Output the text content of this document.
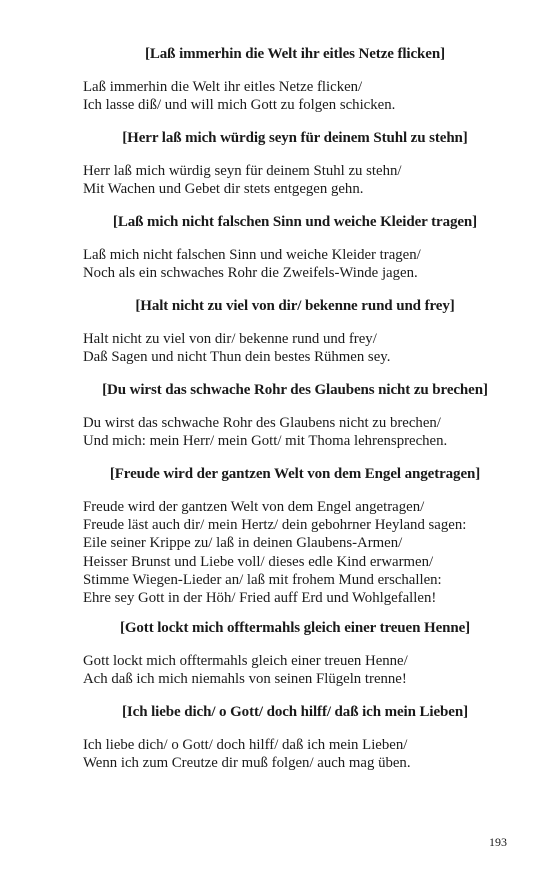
[Laß immerhin die Welt ihr eitles Netze flicken]
Laß immerhin die Welt ihr eitles Netze flicken/
Ich lasse diß/ und will mich Gott zu folgen schicken.
[Herr laß mich würdig seyn für deinem Stuhl zu stehn]
Herr laß mich würdig seyn für deinem Stuhl zu stehn/
Mit Wachen und Gebet dir stets entgegen gehn.
[Laß mich nicht falschen Sinn und weiche Kleider tragen]
Laß mich nicht falschen Sinn und weiche Kleider tragen/
Noch als ein schwaches Rohr die Zweifels-Winde jagen.
[Halt nicht zu viel von dir/ bekenne rund und frey]
Halt nicht zu viel von dir/ bekenne rund und frey/
Daß Sagen und nicht Thun dein bestes Rühmen sey.
[Du wirst das schwache Rohr des Glaubens nicht zu brechen]
Du wirst das schwache Rohr des Glaubens nicht zu brechen/
Und mich: mein Herr/ mein Gott/ mit Thoma lehrensprechen.
[Freude wird der gantzen Welt von dem Engel angetragen]
Freude wird der gantzen Welt von dem Engel angetragen/
Freude läst auch dir/ mein Hertz/ dein gebohrner Heyland sagen:
Eile seiner Krippe zu/ laß in deinen Glaubens-Armen/
Heisser Brunst und Liebe voll/ dieses edle Kind erwarmen/
Stimme Wiegen-Lieder an/ laß mit frohem Mund erschallen:
Ehre sey Gott in der Höh/ Fried auff Erd und Wohlgefallen!
[Gott lockt mich offtermahls gleich einer treuen Henne]
Gott lockt mich offtermahls gleich einer treuen Henne/
Ach daß ich mich niemahls von seinen Flügeln trenne!
[Ich liebe dich/ o Gott/ doch hilff/ daß ich mein Lieben]
Ich liebe dich/ o Gott/ doch hilff/ daß ich mein Lieben/
Wenn ich zum Creutze dir muß folgen/ auch mag üben.
193
